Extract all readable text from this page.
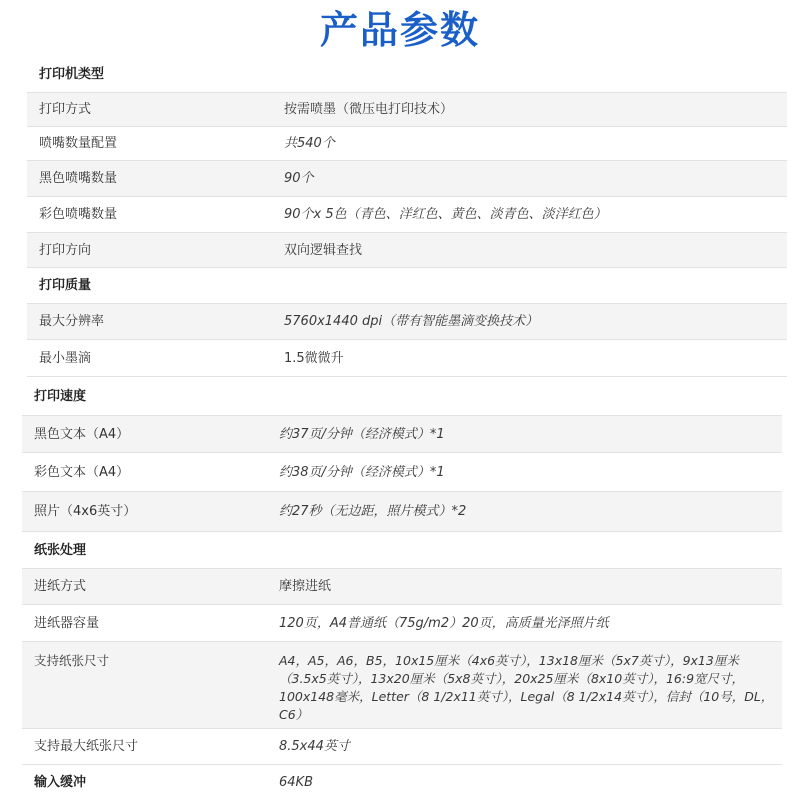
产品参数
打印机类型
打印方式	按需喷墨（微压电打印技术）
喷嘴数量配置	共540个
黑色喷嘴数量	90个
彩色喷嘴数量	90个x 5色（青色、洋红色、黄色、淡青色、淡洋红色）
打印方向	双向逻辑查找
打印质量
最大分辨率	5760x1440 dpi（带有智能墨滴变换技术）
最小墨滴	1.5微微升
打印速度
黑色文本（A4）	约37页/分钟（经济模式）*1
彩色文本（A4）	约38页/分钟（经济模式）*1
照片（4x6英寸）	约27秒（无边距，照片模式）*2
纸张处理
进纸方式	摩擦进纸
进纸器容量	120页，A4普通纸（75g/m2）20页，高质量光泽照片纸
支持纸张尺寸	A4，A5，A6，B5，10x15厘米（4x6英寸），13x18厘米（5x7英寸），9x13厘米（3.5x5英寸），13x20厘米（5x8英寸），20x25厘米（8x10英寸），16:9宽尺寸，100x148毫米，Letter（8 1/2x11英寸），Legal（8 1/2x14英寸），信封（10号，DL，C6）
支持最大纸张尺寸	8.5x44英寸
输入缓冲	64KB
